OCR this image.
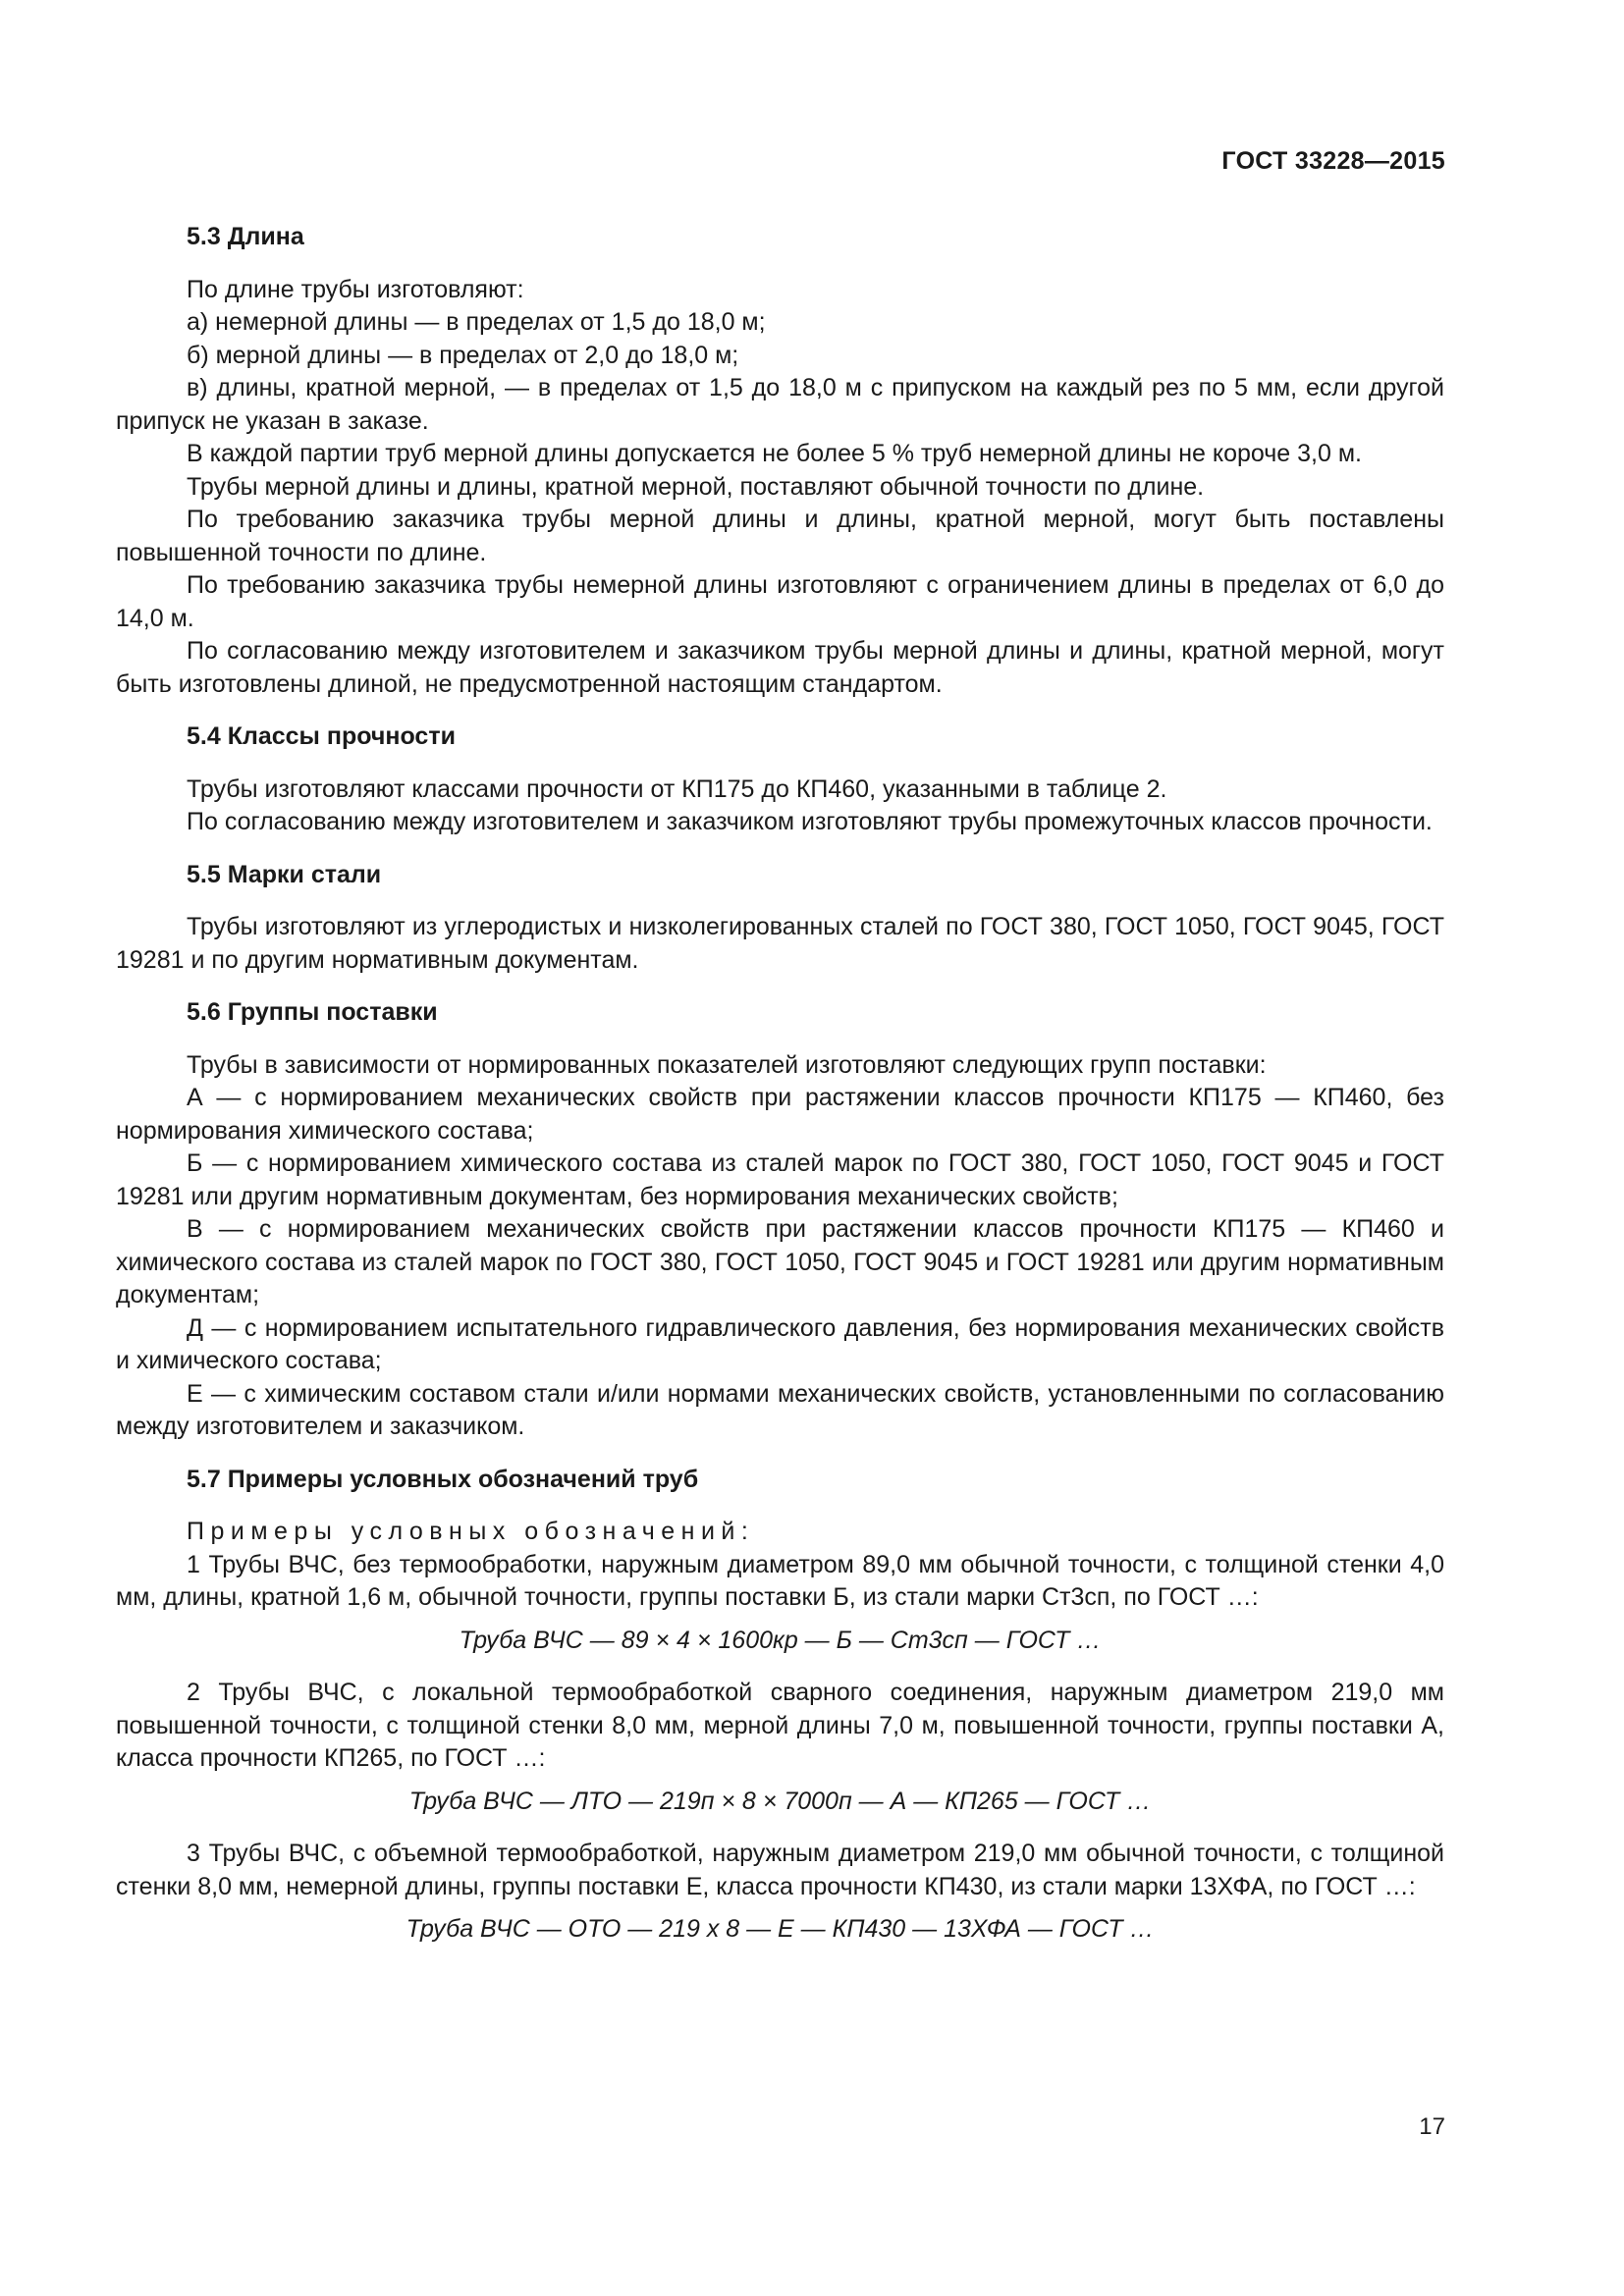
ГОСТ 33228—2015
5.3 Длина

По длине трубы изготовляют:

а) немерной длины — в пределах от 1,5 до 18,0 м;

б) мерной длины — в пределах от 2,0 до 18,0 м;

в) длины, кратной мерной, — в пределах от 1,5 до 18,0 м с припуском на каждый рез по 5 мм, если другой припуск не указан в заказе.

В каждой партии труб мерной длины допускается не более 5 % труб немерной длины не короче 3,0 м.

Трубы мерной длины и длины, кратной мерной, поставляют обычной точности по длине.

По требованию заказчика трубы мерной длины и длины, кратной мерной, могут быть поставлены повышенной точности по длине.

По требованию заказчика трубы немерной длины изготовляют с ограничением длины в пределах от 6,0 до 14,0 м.

По согласованию между изготовителем и заказчиком трубы мерной длины и длины, кратной мерной, могут быть изготовлены длиной, не предусмотренной настоящим стандартом.

5.4 Классы прочности

Трубы изготовляют классами прочности от КП175 до КП460, указанными в таблице 2.

По согласованию между изготовителем и заказчиком изготовляют трубы промежуточных классов прочности.

5.5 Марки стали

Трубы изготовляют из углеродистых и низколегированных сталей по ГОСТ 380, ГОСТ 1050, ГОСТ 9045, ГОСТ 19281 и по другим нормативным документам.

5.6 Группы поставки

Трубы в зависимости от нормированных показателей изготовляют следующих групп поставки:

А — с нормированием механических свойств при растяжении классов прочности КП175 — КП460, без нормирования химического состава;

Б — с нормированием химического состава из сталей марок по ГОСТ 380, ГОСТ 1050, ГОСТ 9045 и ГОСТ 19281 или другим нормативным документам, без нормирования механических свойств;

В — с нормированием механических свойств при растяжении классов прочности КП175 — КП460 и химического состава из сталей марок по ГОСТ 380, ГОСТ 1050, ГОСТ 9045 и ГОСТ 19281 или другим нормативным документам;

Д — с нормированием испытательного гидравлического давления, без нормирования механических свойств и химического состава;

Е — с химическим составом стали и/или нормами механических свойств, установленными по согласованию между изготовителем и заказчиком.

5.7 Примеры условных обозначений труб

Примеры условных обозначений:

1 Трубы ВЧС, без термообработки, наружным диаметром 89,0 мм обычной точности, с толщиной стенки 4,0 мм, длины, кратной 1,6 м, обычной точности, группы поставки Б, из стали марки Ст3сп, по ГОСТ …:

Труба ВЧС — 89 × 4 × 1600кр — Б — Ст3сп — ГОСТ …

2 Трубы ВЧС, с локальной термообработкой сварного соединения, наружным диаметром 219,0 мм повышенной точности, с толщиной стенки 8,0 мм, мерной длины 7,0 м, повышенной точности, группы поставки А, класса прочности КП265, по ГОСТ …:

Труба ВЧС — ЛТО — 219п × 8 × 7000п — А — КП265 — ГОСТ …

3 Трубы ВЧС, с объемной термообработкой, наружным диаметром 219,0 мм обычной точности, с толщиной стенки 8,0 мм, немерной длины, группы поставки Е, класса прочности КП430, из стали марки 13ХФА, по ГОСТ …:

Труба ВЧС — ОТО — 219 х 8 — Е — КП430 — 13ХФА — ГОСТ …
17
